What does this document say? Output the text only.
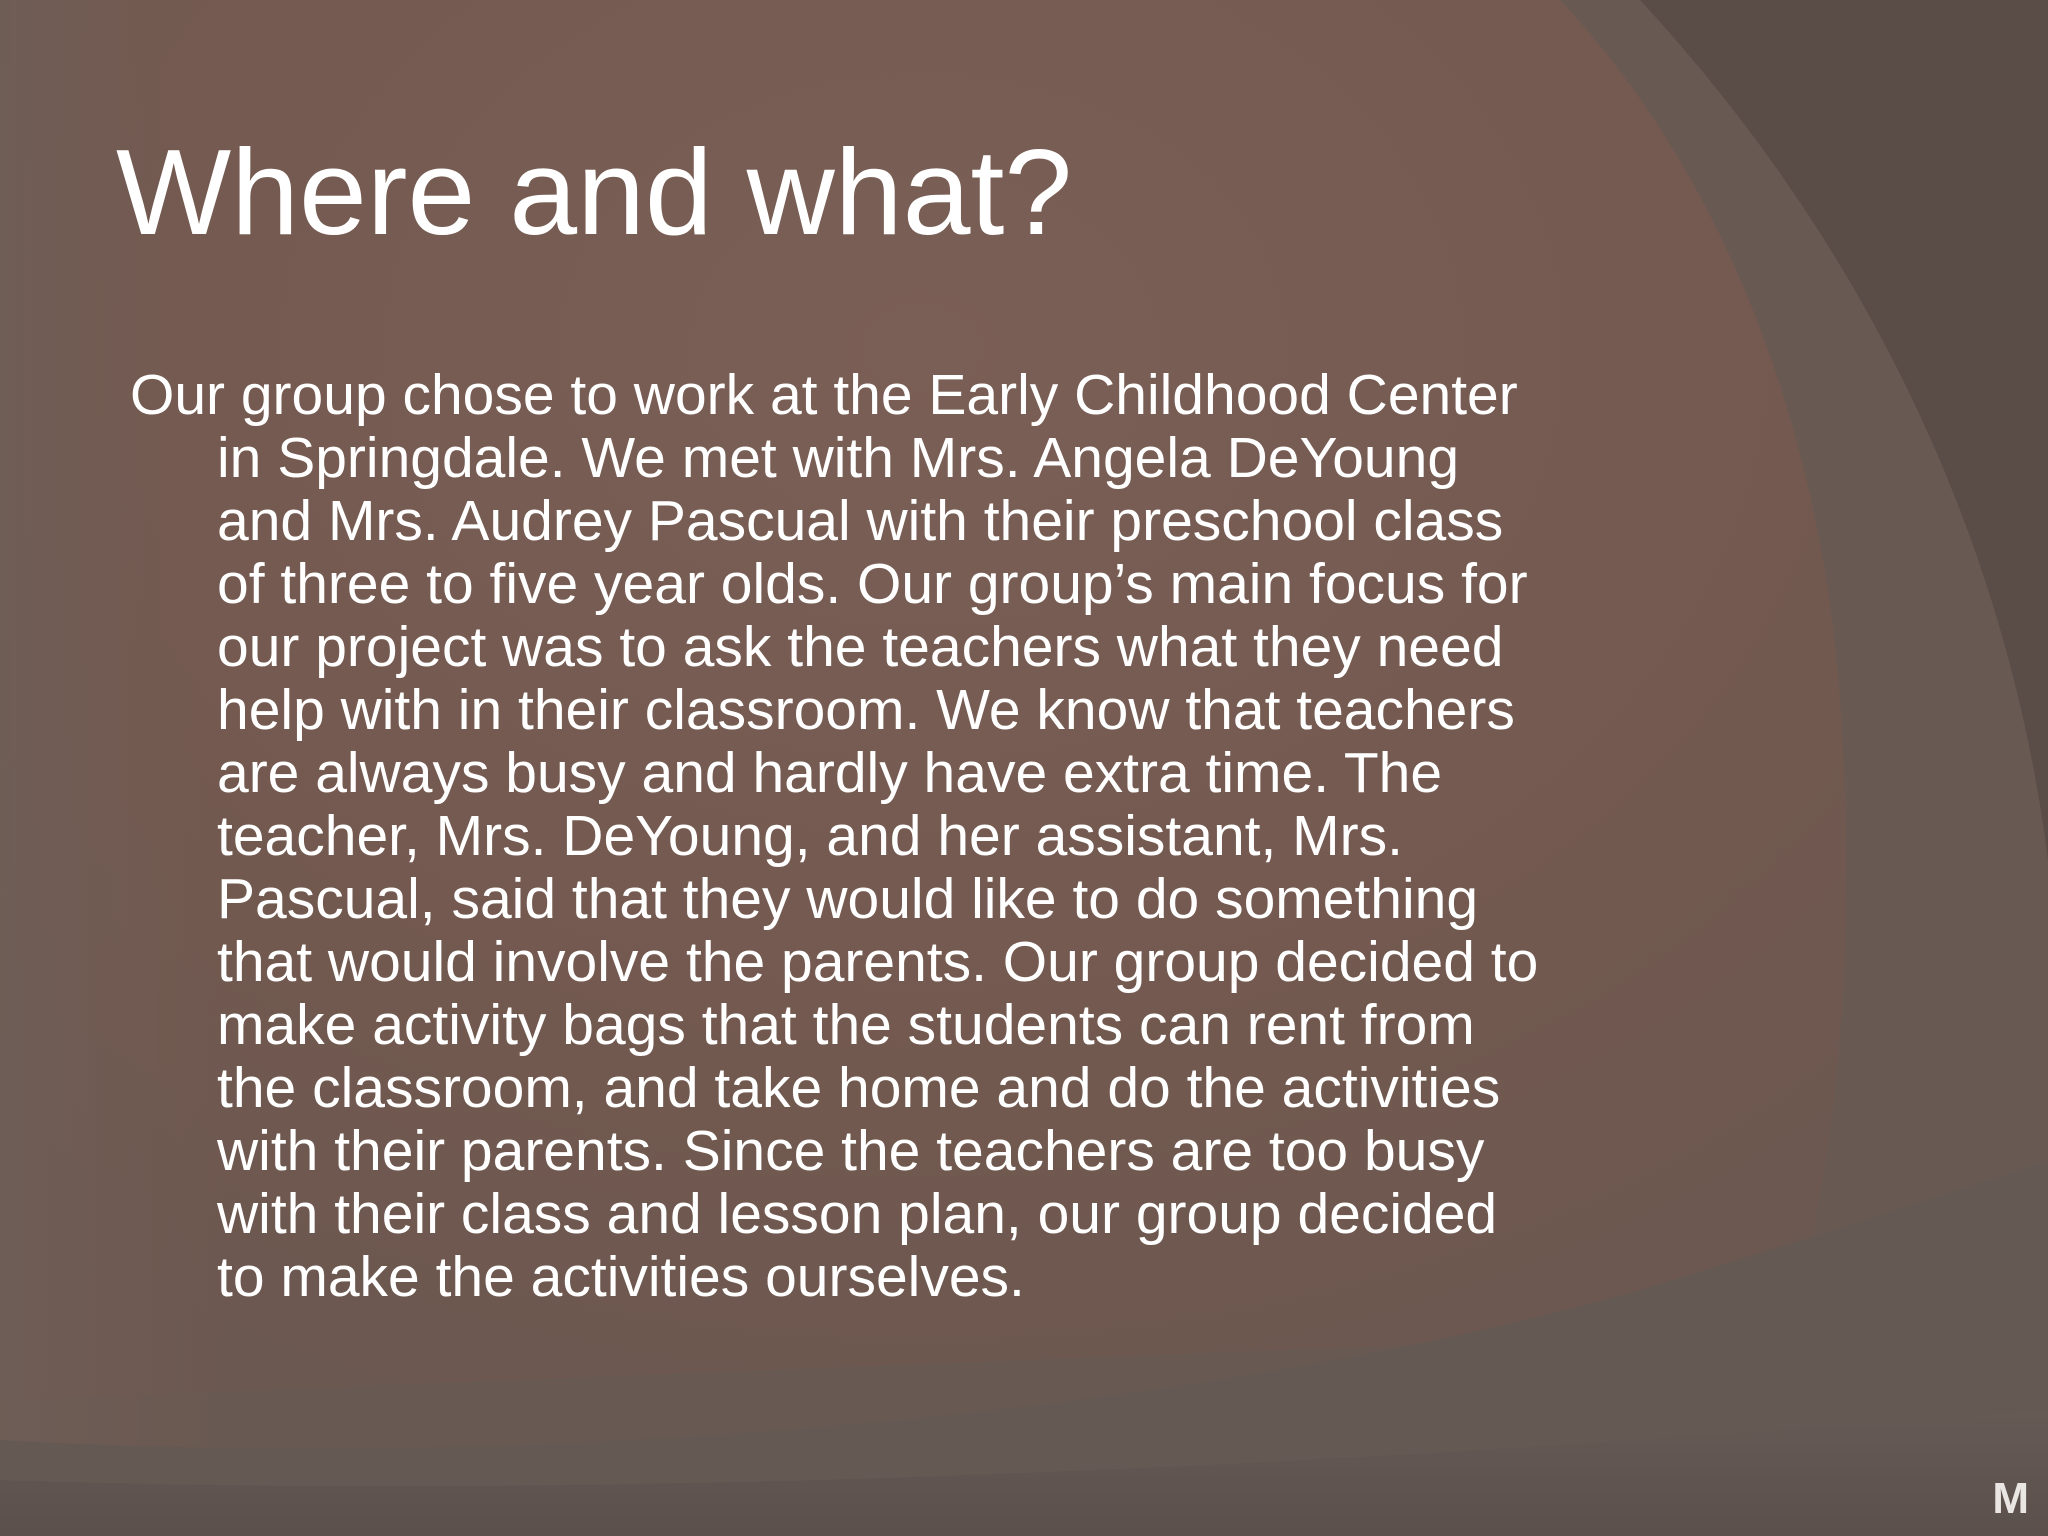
Where and what?
Our group chose to work at the Early Childhood Center
in Springdale. We met with Mrs. Angela DeYoung
and Mrs. Audrey Pascual with their preschool class
of three to five year olds. Our group’s main focus for
our project was to ask the teachers what they need
help with in their classroom. We know that teachers
are always busy and hardly have extra time. The
teacher, Mrs. DeYoung, and her assistant, Mrs.
Pascual, said that they would like to do something
that would involve the parents. Our group decided to
make activity bags that the students can rent from
the classroom, and take home and do the activities
with their parents. Since the teachers are too busy
with their class and lesson plan, our group decided
to make the activities ourselves.
M
